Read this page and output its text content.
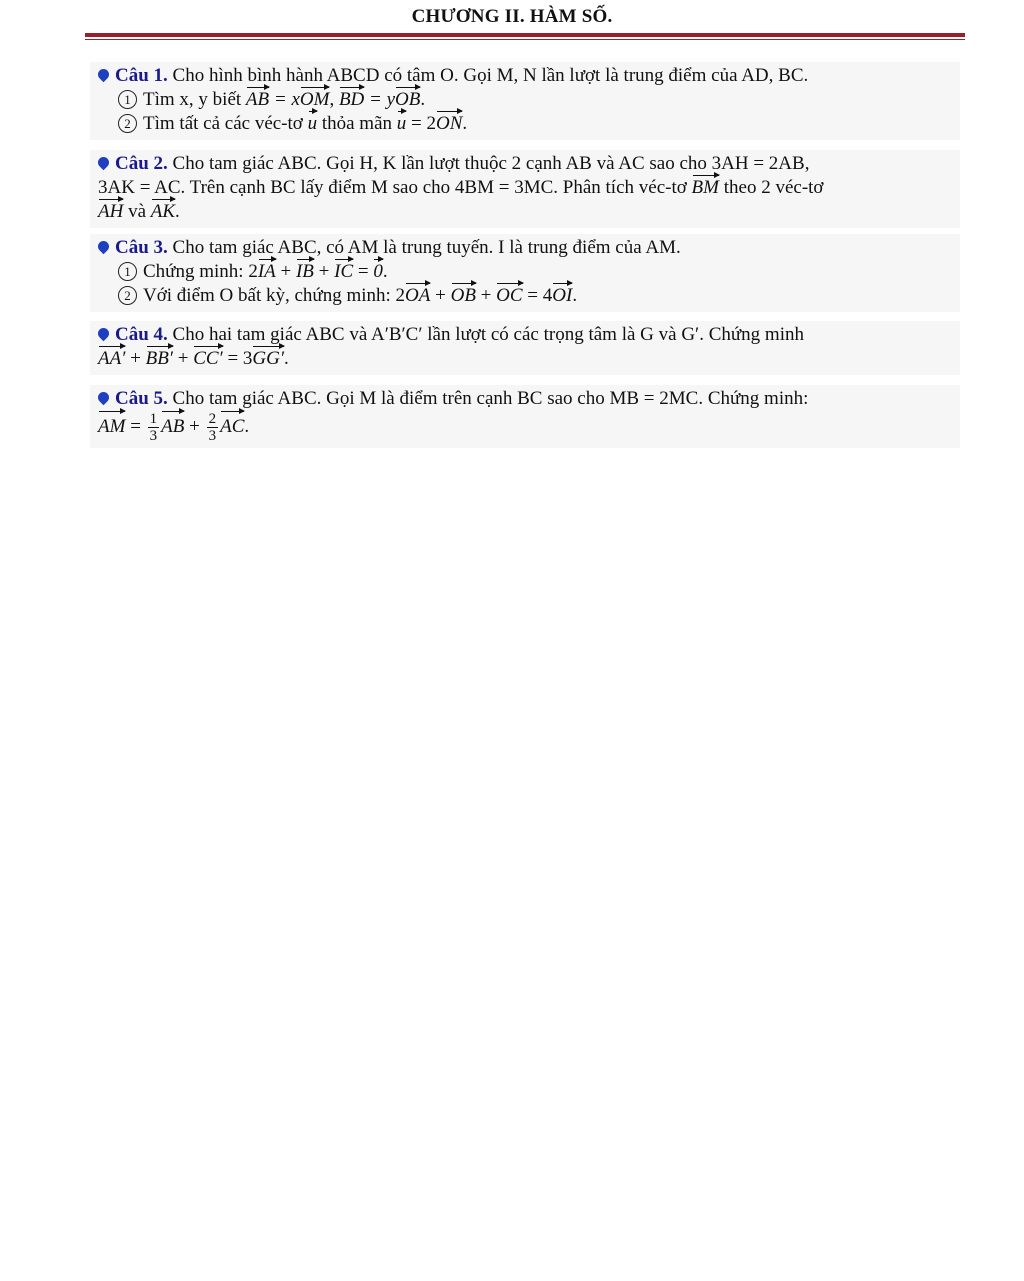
CHƯƠNG II. HÀM SỐ.
Câu 1. Cho hình bình hành ABCD có tâm O. Gọi M, N lần lượt là trung điểm của AD, BC.
1 Tìm x, y biết AB = xOM, BD = yOB.
2 Tìm tất cả các véc-tơ u thỏa mãn u = 2ON.
Câu 2. Cho tam giác ABC. Gọi H, K lần lượt thuộc 2 cạnh AB và AC sao cho 3AH = 2AB,
3AK = AC. Trên cạnh BC lấy điểm M sao cho 4BM = 3MC. Phân tích véc-tơ BM theo 2 véc-tơ
AH và AK.
Câu 3. Cho tam giác ABC, có AM là trung tuyến. I là trung điểm của AM.
1 Chứng minh: 2IA + IB + IC = 0.
2 Với điểm O bất kỳ, chứng minh: 2OA + OB + OC = 4OI.
Câu 4. Cho hai tam giác ABC và A′B′C′ lần lượt có các trọng tâm là G và G′. Chứng minh
AA′ + BB′ + CC′ = 3GG′.
Câu 5. Cho tam giác ABC. Gọi M là điểm trên cạnh BC sao cho MB = 2MC. Chứng minh:
AM = $\frac{1}{3}$ AB + $\frac{2}{3}$ AC.
